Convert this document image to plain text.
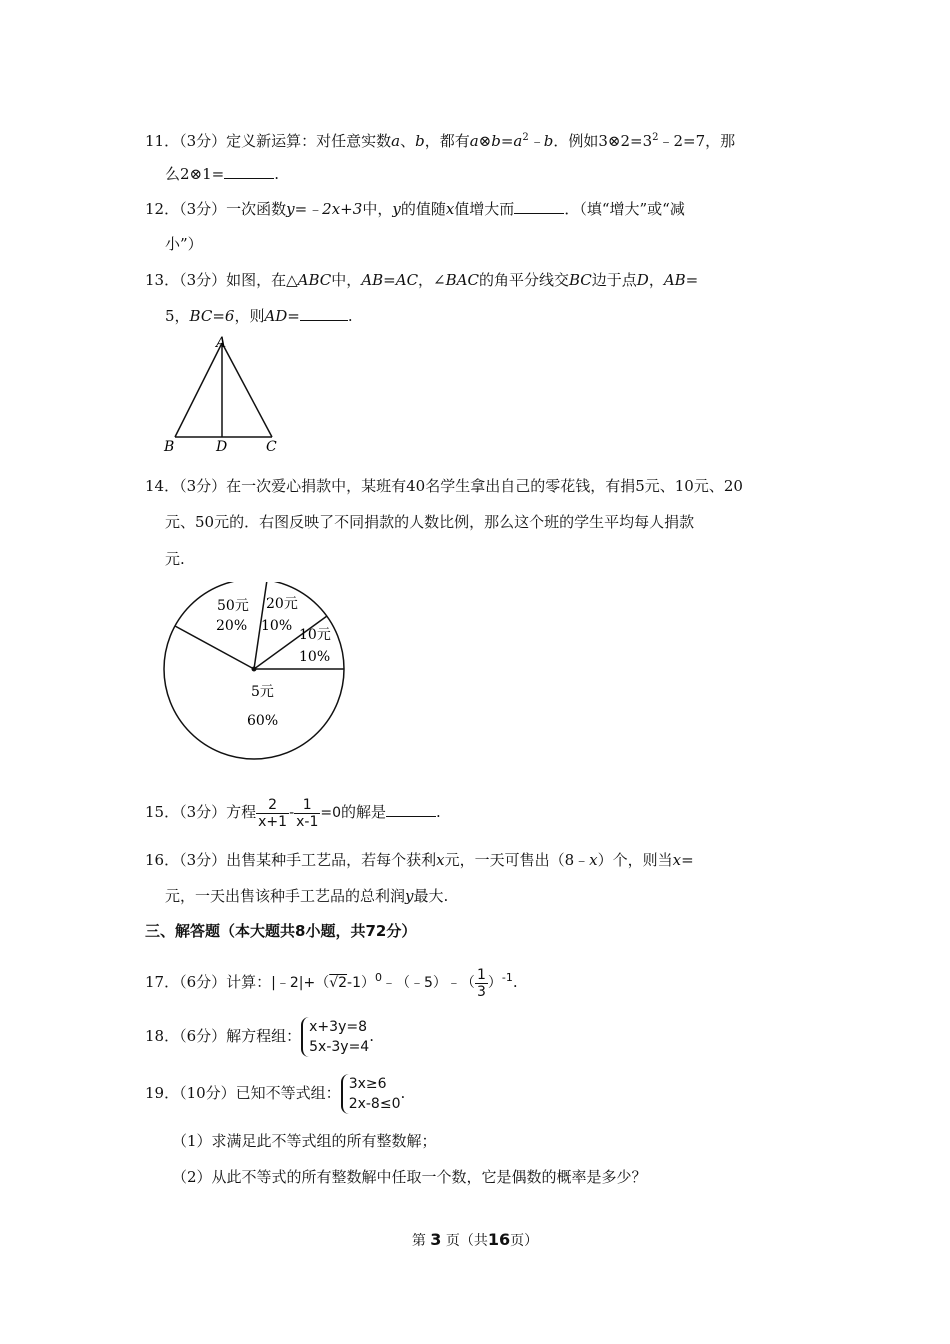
11．（3分）定义新运算：对任意实数a、b，都有$a\otimes b=a^2﹣b$．例如$3\otimes 2=3^2﹣2=7$，那
么2⊗1=	.
12．（3分）一次函数y=﹣2x+3中，y的值随x值增大而	．（填“增大”或“减
小”）
13．（3分）如图，在△ABC中，AB=AC，∠BAC的角平分线交BC边于点D，AB=
5，BC=6，则AD=	.
A
B	D	C
14．（3分）在一次爱心捐款中，某班有40名学生拿出自己的零花钱，有捐5元、10元、20
元、50元的．右图反映了不同捐款的人数比例，那么这个班的学生平均每人捐款
元.
50元
20%
20元
10%
10元
10%
5元
60%
15．（3分）方程 $\frac{2}{x+1} - \frac{1}{x-1} =0$的解是	.
16．（3分）出售某种手工艺品，若每个获利x元，一天可售出（8﹣x）个，则当x=
元，一天出售该种手工艺品的总利润y最大.
三、解答题（本大题共8小题，共72分）
17．（6分）计算：$|﹣2|+(√2-1)^0﹣(﹣5)﹣( \frac{1}{3} )^{-1}$.
18．（6分）解方程组： x+3y=8
5x-3y=4
.
19．（10分）已知不等式组： 3x≥6
2x-8≤0
.
（1）求满足此不等式组的所有整数解；
（2）从此不等式的所有整数解中任取一个数，它是偶数的概率是多少？
第 3 页（共16页）
